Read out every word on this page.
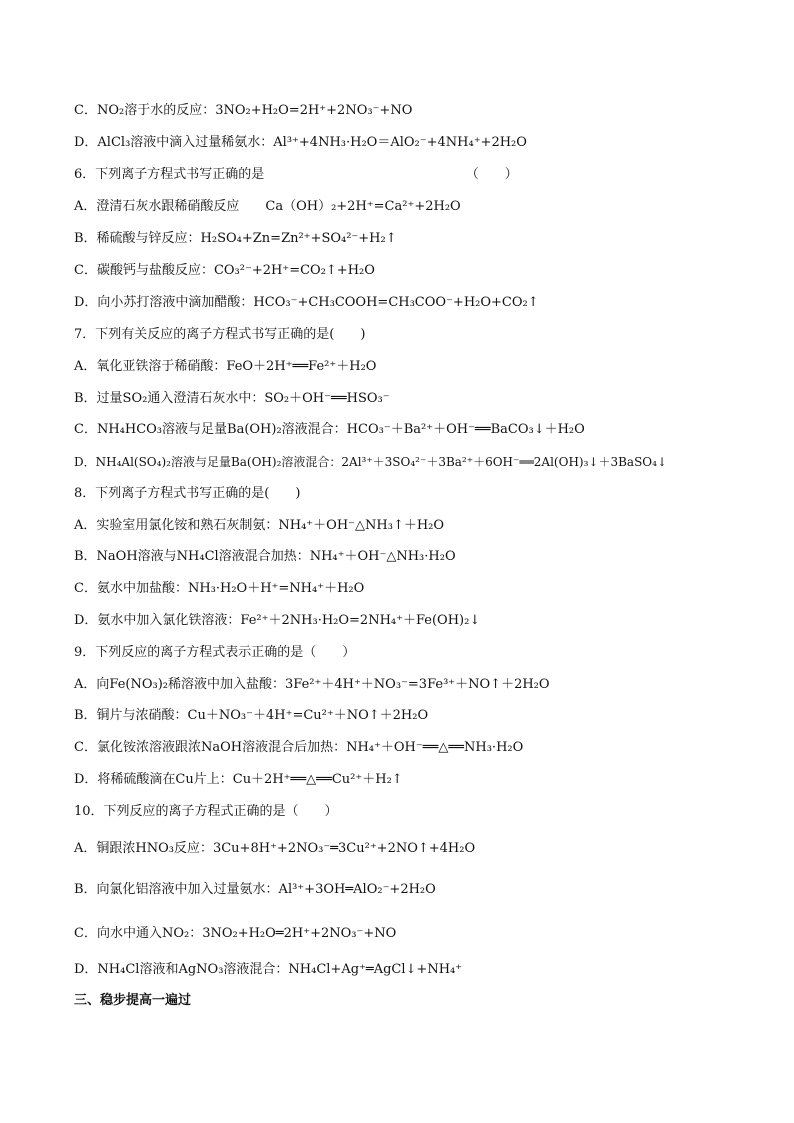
C．NO₂溶于水的反应：3NO₂+H₂O=2H⁺+2NO₃⁻+NO
D．AlCl₃溶液中滴入过量稀氨水：Al³⁺+4NH₃·H₂O＝AlO₂⁻+4NH₄⁺+2H₂O
6．下列离子方程式书写正确的是　　　　　　　　　　　　　　　　（　　）
A．澄清石灰水跟稀硝酸反应　　Ca（OH）₂+2H⁺=Ca²⁺+2H₂O
B．稀硫酸与锌反应：H₂SO₄+Zn=Zn²⁺+SO₄²⁻+H₂↑
C．碳酸钙与盐酸反应：CO₃²⁻+2H⁺=CO₂↑+H₂O
D．向小苏打溶液中滴加醋酸：HCO₃⁻+CH₃COOH=CH₃COO⁻+H₂O+CO₂↑
7．下列有关反应的离子方程式书写正确的是(　　)
A．氧化亚铁溶于稀硝酸：FeO＋2H⁺══Fe²⁺＋H₂O
B．过量SO₂通入澄清石灰水中：SO₂＋OH⁻══HSO₃⁻
C．NH₄HCO₃溶液与足量Ba(OH)₂溶液混合：HCO₃⁻＋Ba²⁺＋OH⁻══BaCO₃↓＋H₂O
D．NH₄Al(SO₄)₂溶液与足量Ba(OH)₂溶液混合：2Al³⁺＋3SO₄²⁻＋3Ba²⁺＋6OH⁻══2Al(OH)₃↓＋3BaSO₄↓
8．下列离子方程式书写正确的是(　　)
A．实验室用氯化铵和熟石灰制氨：NH₄⁺＋OH⁻△NH₃↑＋H₂O
B．NaOH溶液与NH₄Cl溶液混合加热：NH₄⁺＋OH⁻△NH₃·H₂O
C．氨水中加盐酸：NH₃·H₂O＋H⁺=NH₄⁺＋H₂O
D．氨水中加入氯化铁溶液：Fe²⁺＋2NH₃·H₂O=2NH₄⁺＋Fe(OH)₂↓
9．下列反应的离子方程式表示正确的是（　　）
A．向Fe(NO₃)₂稀溶液中加入盐酸：3Fe²⁺＋4H⁺＋NO₃⁻=3Fe³⁺＋NO↑＋2H₂O
B．铜片与浓硝酸：Cu＋NO₃⁻＋4H⁺=Cu²⁺＋NO↑＋2H₂O
C．氯化铵浓溶液跟浓NaOH溶液混合后加热：NH₄⁺＋OH⁻══△══NH₃·H₂O
D．将稀硫酸滴在Cu片上：Cu＋2H⁺══△══Cu²⁺＋H₂↑
10．下列反应的离子方程式正确的是（　　）
A．铜跟浓HNO₃反应：3Cu+8H⁺+2NO₃⁻═3Cu²⁺+2NO↑+4H₂O
B．向氯化铝溶液中加入过量氨水：Al³⁺+3OH═AlO₂⁻+2H₂O
C．向水中通入NO₂：3NO₂+H₂O═2H⁺+2NO₃⁻+NO
D．NH₄Cl溶液和AgNO₃溶液混合：NH₄Cl+Ag⁺═AgCl↓+NH₄⁺
三、稳步提高一遍过
